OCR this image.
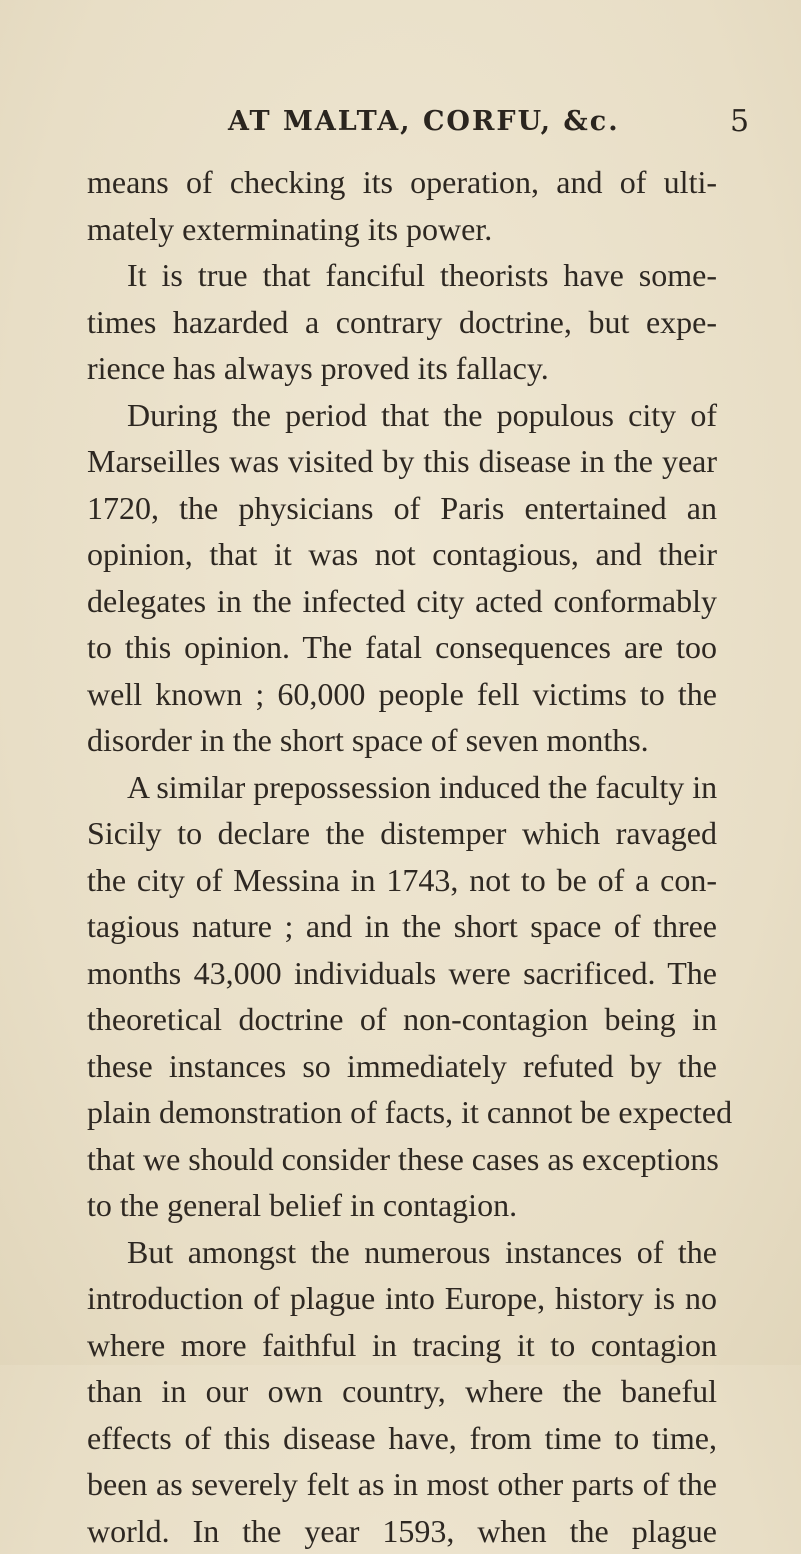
AT MALTA, CORFU, &c.	5
means of checking its operation, and of ulti-
mately exterminating its power.
It is true that fanciful theorists have some-
times hazarded a contrary doctrine, but expe-
rience has always proved its fallacy.
During the period that the populous city of
Marseilles was visited by this disease in the year
1720, the physicians of Paris entertained an
opinion, that it was not contagious, and their
delegates in the infected city acted conformably
to this opinion. The fatal consequences are too
well known ; 60,000 people fell victims to the
disorder in the short space of seven months.
A similar prepossession induced the faculty in
Sicily to declare the distemper which ravaged
the city of Messina in 1743, not to be of a con-
tagious nature ; and in the short space of three
months 43,000 individuals were sacrificed. The
theoretical doctrine of non-contagion being in
these instances so immediately refuted by the
plain demonstration of facts, it cannot be expected
that we should consider these cases as exceptions
to the general belief in contagion.
But amongst the numerous instances of the
introduction of plague into Europe, history is no
where more faithful in tracing it to contagion
than in our own country, where the baneful
effects of this disease have, from time to time,
been as severely felt as in most other parts of the
world. In the year 1593, when the plague
